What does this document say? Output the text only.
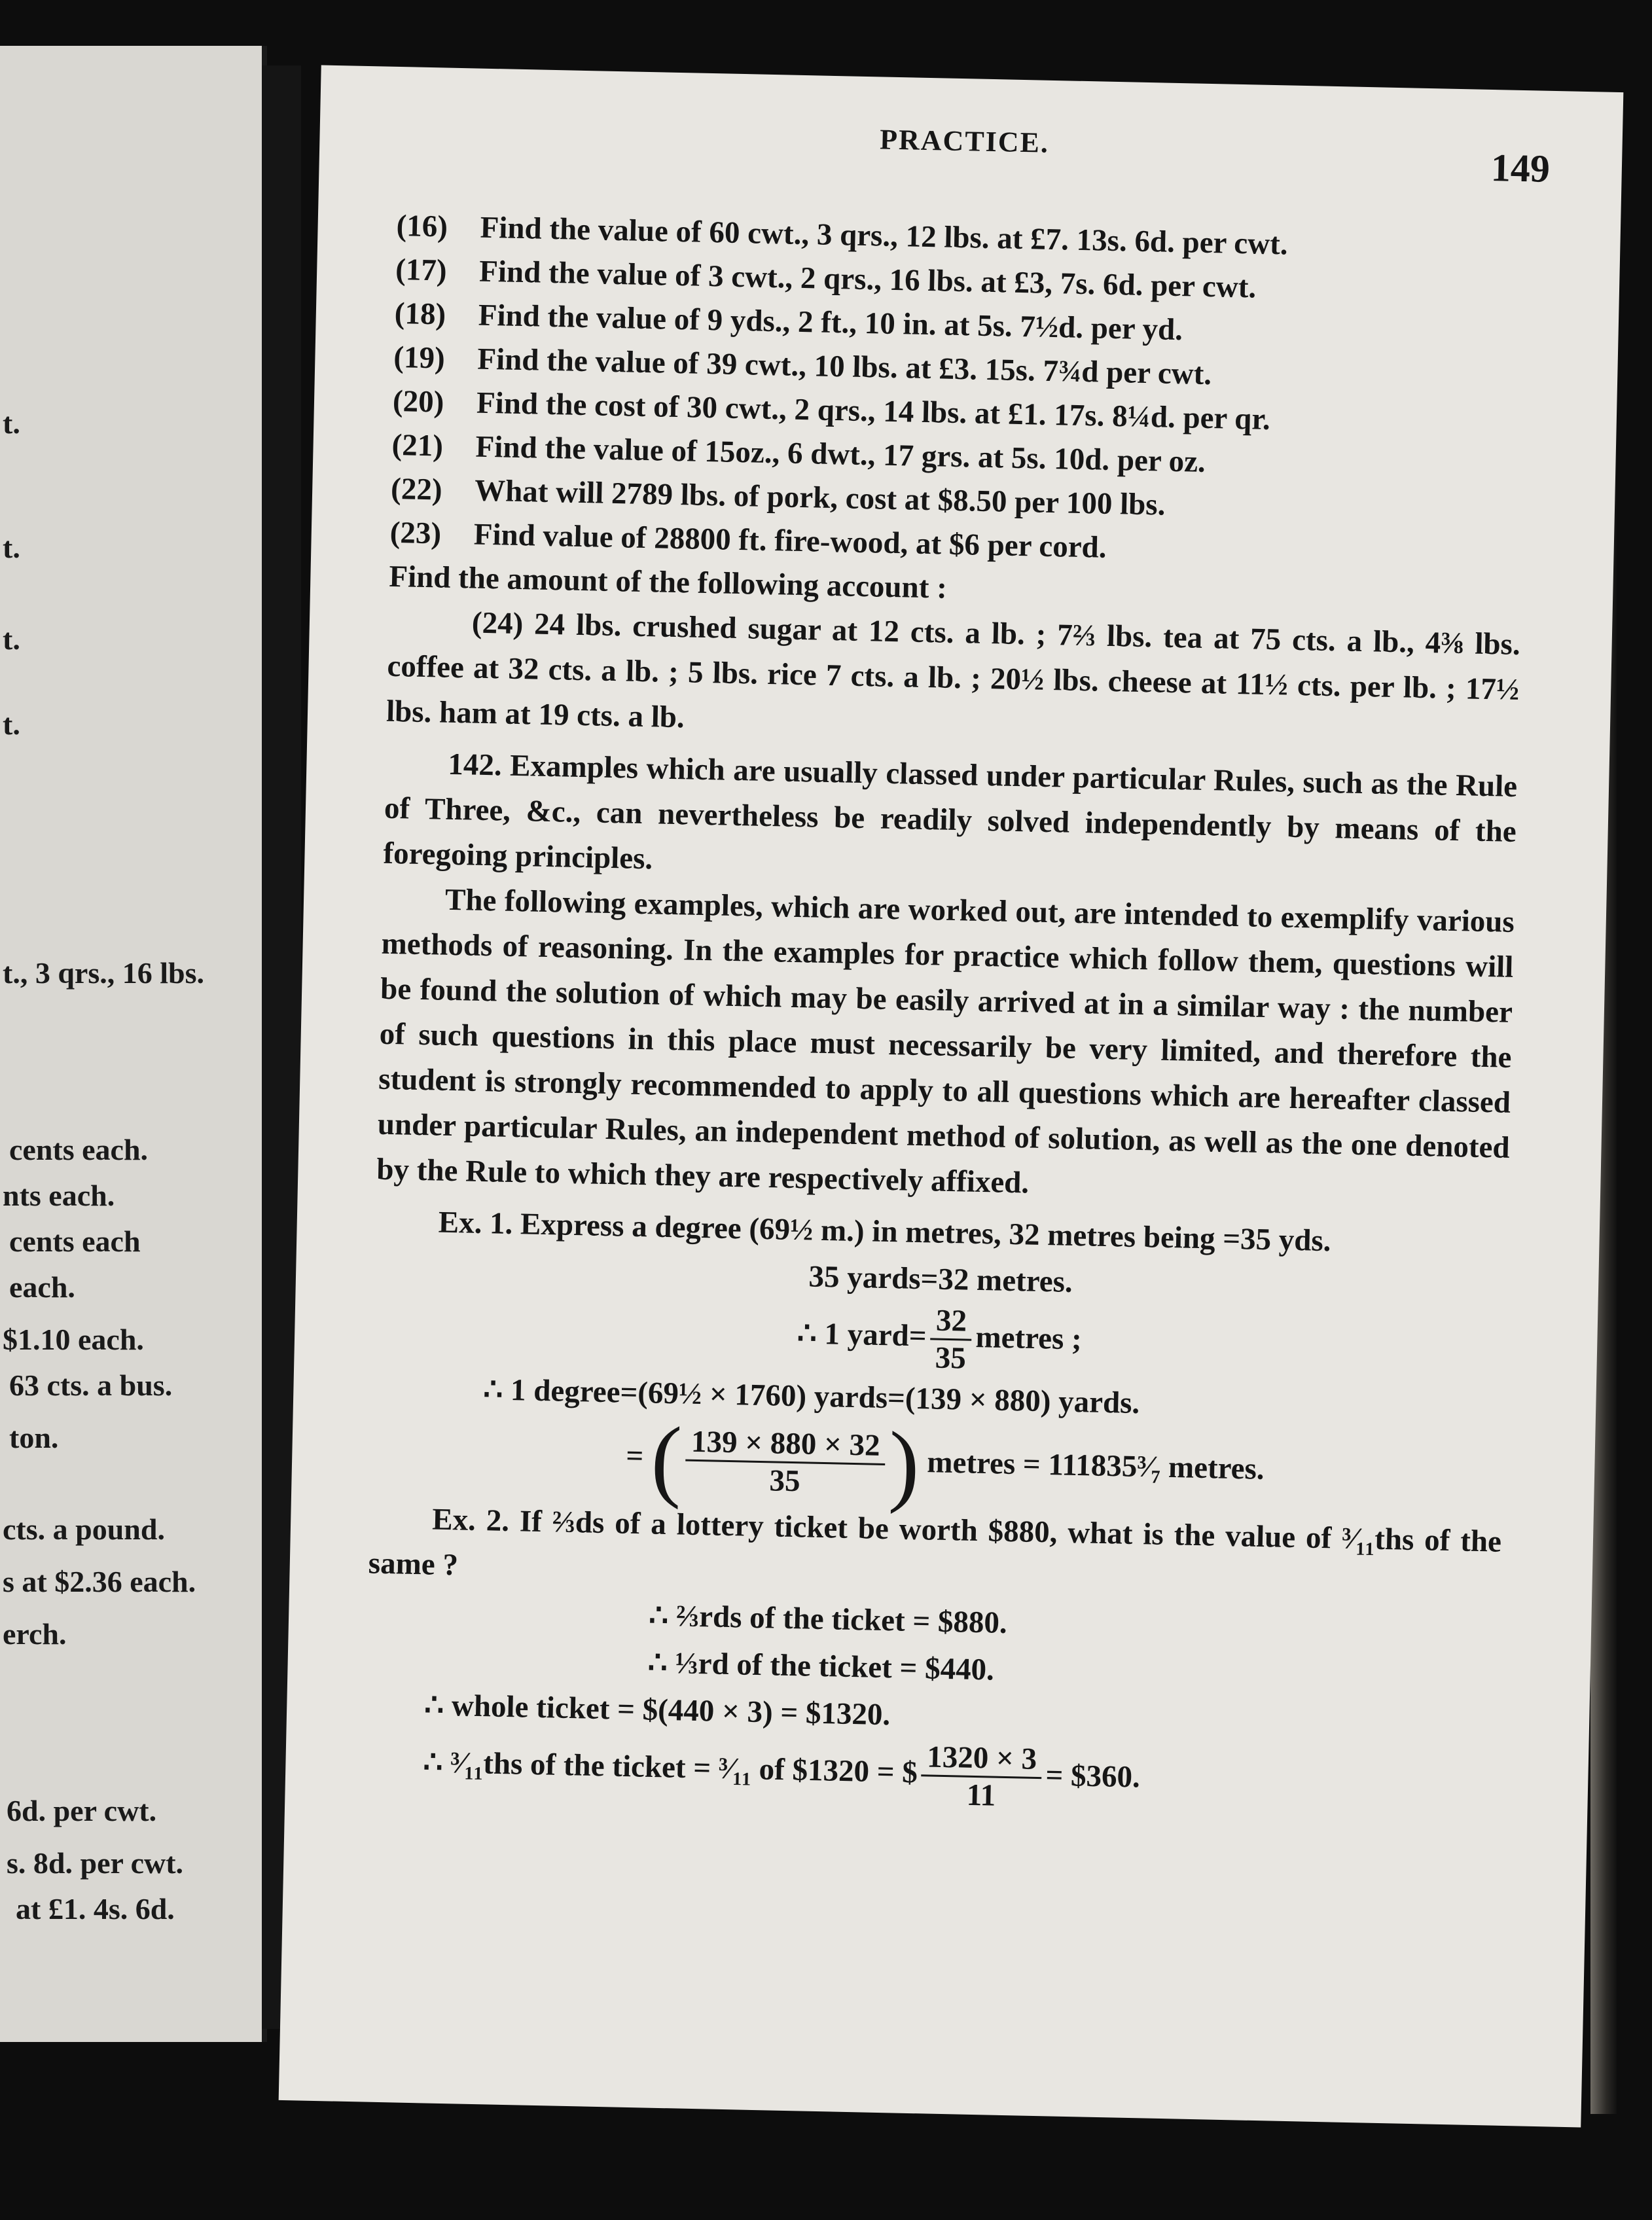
t.
t.
t.
t.
t., 3 qrs., 16 lbs.
cents each.
nts each.
cents each
each.
$1.10 each.
63 cts. a bus.
ton.
cts. a pound.
s at $2.36 each.
erch.
6d. per cwt.
s. 8d. per cwt.
at £1. 4s. 6d.
PRACTICE.
149
(16) Find the value of 60 cwt., 3 qrs., 12 lbs. at £7. 13s. 6d. per cwt.
(17) Find the value of 3 cwt., 2 qrs., 16 lbs. at £3, 7s. 6d. per cwt.
(18) Find the value of 9 yds., 2 ft., 10 in. at 5s. 7½d. per yd.
(19) Find the value of 39 cwt., 10 lbs. at £3. 15s. 7¾d per cwt.
(20) Find the cost of 30 cwt., 2 qrs., 14 lbs. at £1. 17s. 8¼d. per qr.
(21) Find the value of 15oz., 6 dwt., 17 grs. at 5s. 10d. per oz.
(22) What will 2789 lbs. of pork, cost at $8.50 per 100 lbs.
(23) Find value of 28800 ft. fire-wood, at $6 per cord.
Find the amount of the following account :
(24) 24 lbs. crushed sugar at 12 cts. a lb. ; 7⅔ lbs. tea at 75 cts. a lb., 4⅜ lbs. coffee at 32 cts. a lb. ; 5 lbs. rice 7 cts. a lb. ; 20½ lbs. cheese at 11½ cts. per lb. ; 17½ lbs. ham at 19 cts. a lb.
142. Examples which are usually classed under particular Rules, such as the Rule of Three, &c., can nevertheless be readily solved independently by means of the foregoing principles.
The following examples, which are worked out, are intended to exemplify various methods of reasoning. In the examples for practice which follow them, questions will be found the solution of which may be easily arrived at in a similar way : the number of such questions in this place must necessarily be very limited, and therefore the student is strongly recommended to apply to all questions which are hereafter classed under particular Rules, an independent method of solution, as well as the one denoted by the Rule to which they are respectively affixed.
Ex. 1. Express a degree (69½ m.) in metres, 32 metres being =35 yds.
35 yards=32 metres.
∴ 1 yard= $\frac{32}{35}$ metres ;
∴ 1 degree=(69½ × 1760) yards=(139 × 880) yards.
= ( $\frac{139 \times 880 \times 32}{35}$ ) metres = 111835³⁄₇ metres.
Ex. 2. If ⅔ds of a lottery ticket be worth $880, what is the value of ³⁄₁₁ths of the same ?
∴ ⅔rds of the ticket = $880.
∴ ⅓rd of the ticket = $440.
∴ whole ticket = $(440 × 3) = $1320.
∴ ³⁄₁₁ths of the ticket = ³⁄₁₁ of $1320 = $ $\frac{1320 \times 3}{11}$ = $360.
